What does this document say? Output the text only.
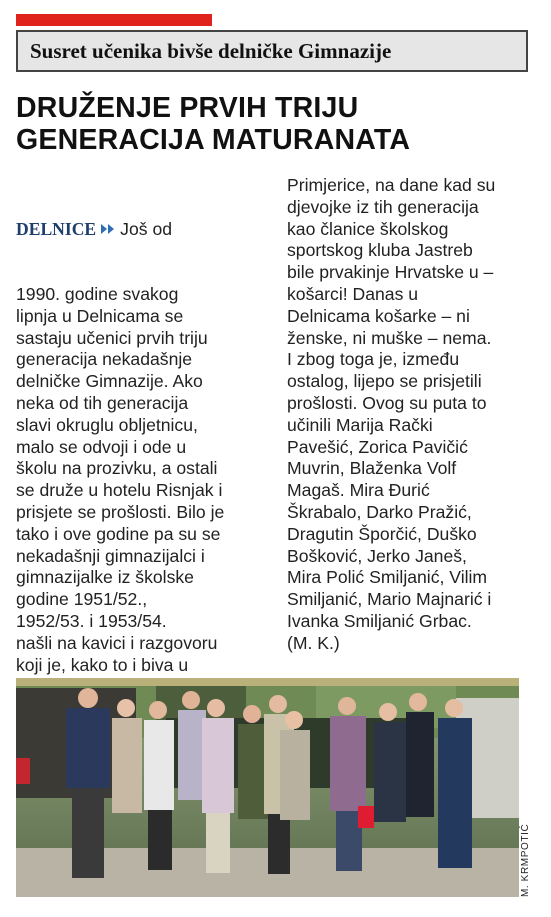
Susret učenika bivše delničke Gimnazije
DRUŽENJE PRVIH TRIJU
GENERACIJA MATURANATA

DELNICE Još od

1990. godine svakog
lipnja u Delnicama se
sastaju učenici prvih triju
generacija nekadašnje
delničke Gimnazije. Ako
neka od tih generacija
slavi okruglu obljetnicu,
malo se odvoji i ode u
školu na prozivku, a ostali
se druže u hotelu Risnjak i
prisjete se prošlosti. Bilo je
tako i ove godine pa su se
nekadašnji gimnazijalci i
gimnazijalke iz školske
godine 1951/52.,
1952/53. i 1953/54.
našli na kavici i razgovoru
koji je, kako to i biva u

Primjerice, na dane kad su
djevojke iz tih generacija
kao članice školskog
sportskog kluba Jastreb
bile prvakinje Hrvatske u –
košarci! Danas u
Delnicama košarke – ni
ženske, ni muške – nema.
I zbog toga je, između
ostalog, lijepo se prisjetili
prošlosti. Ovog su puta to
učinili Marija Rački
Pavešić, Zorica Pavičić
Muvrin, Blaženka Volf
Magaš. Mira Đurić
Škrabalo, Darko Pražić,
Dragutin Šporčić, Duško
Bošković, Jerko Janeš,
Mira Polić Smiljanić, Vilim
Smiljanić, Mario Majnarić i
Ivanka Smiljanić Grbac.
(M. K.)
M. KRMPOTIĆ
